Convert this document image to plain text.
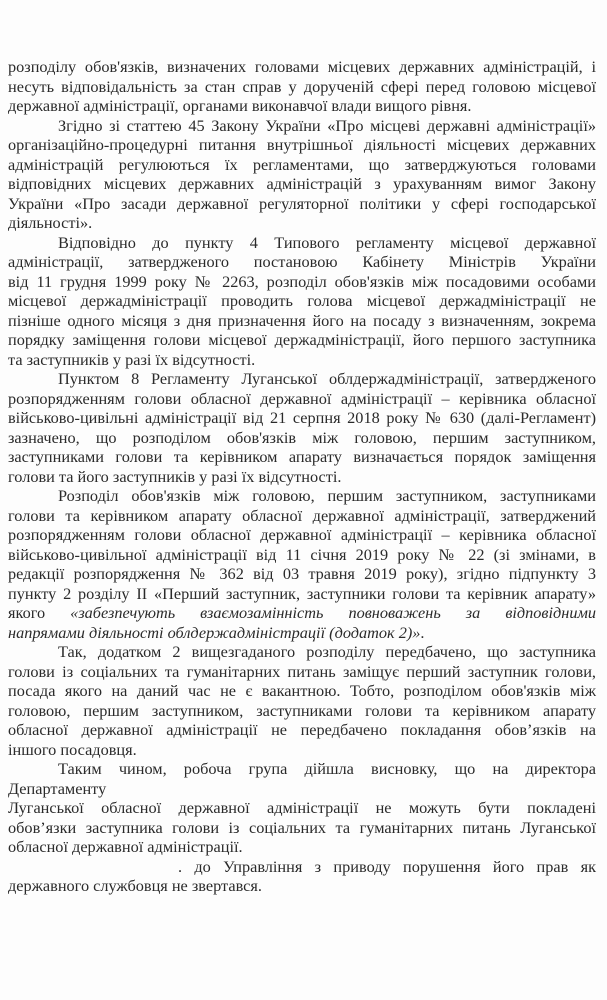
розподілу обов'язків, визначених головами місцевих державних адміністрацій, і
несуть відповідальність за стан справ у дорученій сфері перед головою місцевої
державної адміністрації, органами виконавчої влади вищого рівня.
Згідно зі статтею 45 Закону України «Про місцеві державні адміністрації»
організаційно-процедурні питання внутрішньої діяльності місцевих державних
адміністрацій регулюються їх регламентами, що затверджуються головами
відповідних місцевих державних адміністрацій з урахуванням вимог Закону
України «Про засади державної регуляторної політики у сфері господарської
діяльності».
Відповідно до пункту 4 Типового регламенту місцевої державної
адміністрації, затвердженого постановою Кабінету Міністрів України
від 11 грудня 1999 року № 2263, розподіл обов'язків між посадовими особами
місцевої держадміністрації проводить голова місцевої держадміністрації не
пізніше одного місяця з дня призначення його на посаду з визначенням, зокрема
порядку заміщення голови місцевої держадміністрації, його першого заступника
та заступників у разі їх відсутності.
Пунктом 8 Регламенту Луганської облдержадміністрації, затвердженого
розпорядженням голови обласної державної адміністрації – керівника обласної
військово-цивільні адміністрації від 21 серпня 2018 року № 630 (далі-Регламент)
зазначено, що розподілом обов'язків між головою, першим заступником,
заступниками голови та керівником апарату визначається порядок заміщення
голови та його заступників у разі їх відсутності.
Розподіл обов'язків між головою, першим заступником, заступниками
голови та керівником апарату обласної державної адміністрації, затверджений
розпорядженням голови обласної державної адміністрації – керівника обласної
військово-цивільної адміністрації від 11 січня 2019 року № 22 (зі змінами, в
редакції розпорядження № 362 від 03 травня 2019 року), згідно підпункту 3
пункту 2 розділу II «Перший заступник, заступники голови та керівник апарату»
якого «забезпечують взаємозамінність повноважень за відповідними
напрямами діяльності облдержадміністрації (додаток 2)».
Так, додатком 2 вищезгаданого розподілу передбачено, що заступника
голови із соціальних та гуманітарних питань заміщує перший заступник голови,
посада якого на даний час не є вакантною. Тобто, розподілом обов'язків між
головою, першим заступником, заступниками голови та керівником апарату
обласної державної адміністрації не передбачено покладання обов’язків на
іншого посадовця.
Таким чином, робоча група дійшла висновку, що на директора
Департаменту
Луганської обласної державної адміністрації не можуть бути покладені
обов’язки заступника голови із соціальних та гуманітарних питань Луганської
обласної державної адміністрації.
. до Управління з приводу порушення його прав як
державного службовця не звертався.
